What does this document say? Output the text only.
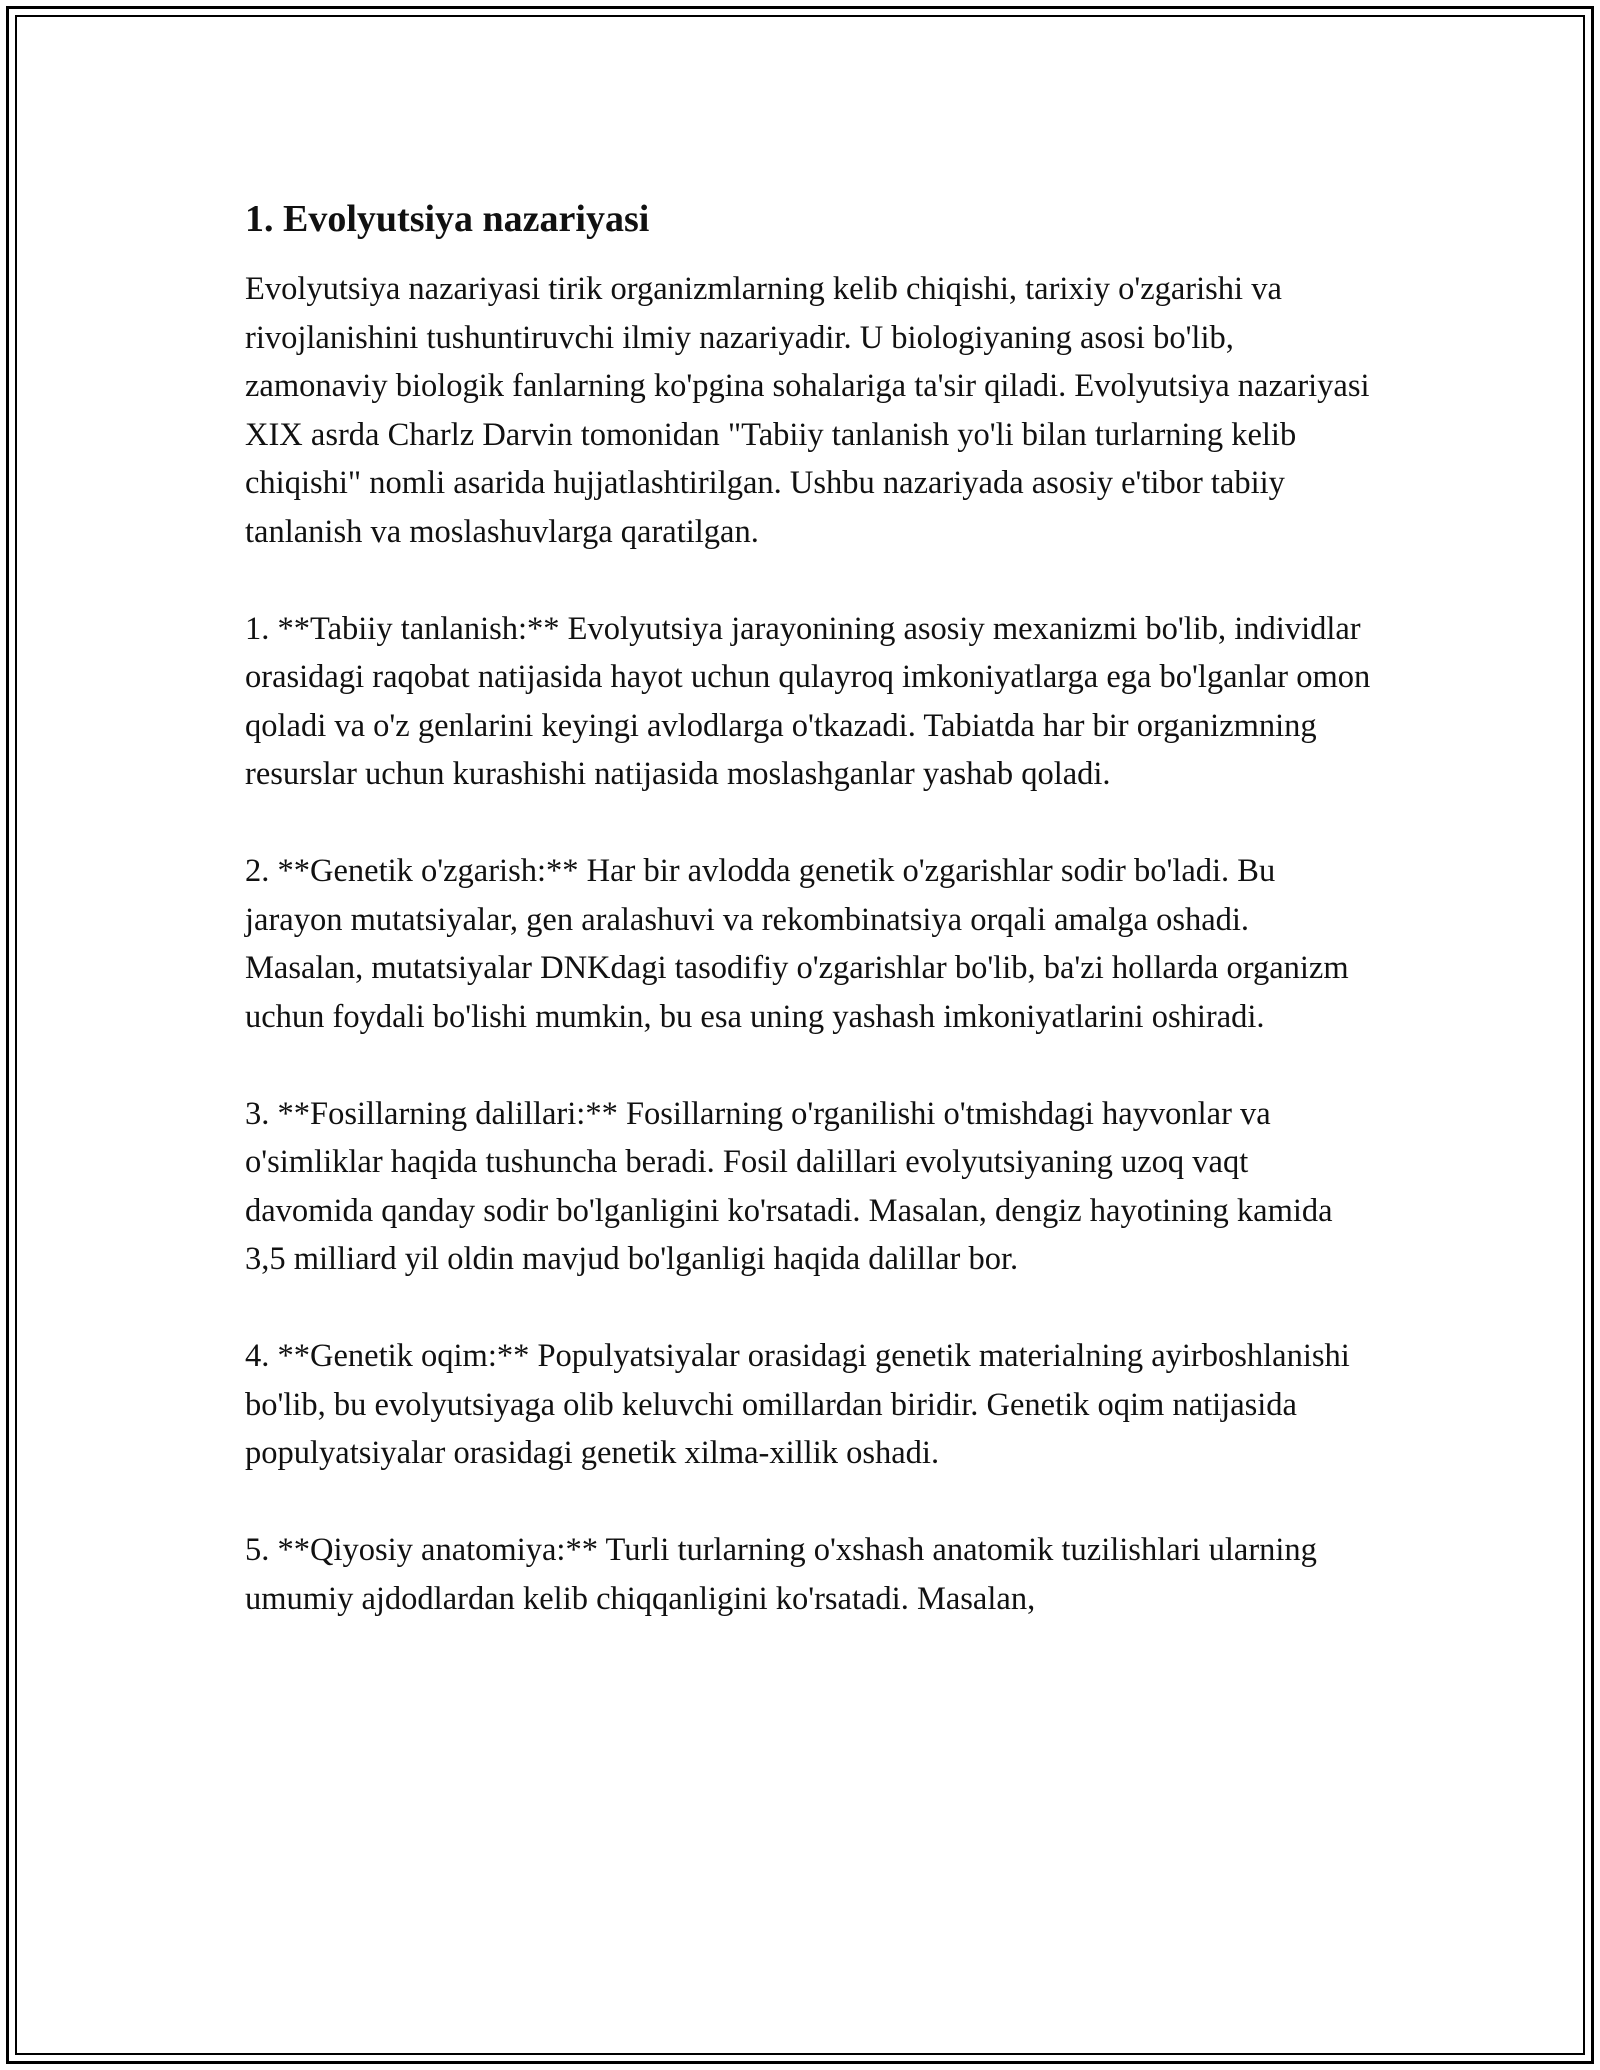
1. Evolyutsiya nazariyasi

Evolyutsiya nazariyasi tirik organizmlarning kelib chiqishi, tarixiy o'zgarishi va rivojlanishini tushuntiruvchi ilmiy nazariyadir. U biologiyaning asosi bo'lib, zamonaviy biologik fanlarning ko'pgina sohalariga ta'sir qiladi. Evolyutsiya nazariyasi XIX asrda Charlz Darvin tomonidan "Tabiiy tanlanish yo'li bilan turlarning kelib chiqishi" nomli asarida hujjatlashtirilgan. Ushbu nazariyada asosiy e'tibor tabiiy tanlanish va moslashuvlarga qaratilgan.

1. **Tabiiy tanlanish:** Evolyutsiya jarayonining asosiy mexanizmi bo'lib, individlar orasidagi raqobat natijasida hayot uchun qulayroq imkoniyatlarga ega bo'lganlar omon qoladi va o'z genlarini keyingi avlodlarga o'tkazadi. Tabiatda har bir organizmning resurslar uchun kurashishi natijasida moslashganlar yashab qoladi.

2. **Genetik o'zgarish:** Har bir avlodda genetik o'zgarishlar sodir bo'ladi. Bu jarayon mutatsiyalar, gen aralashuvi va rekombinatsiya orqali amalga oshadi. Masalan, mutatsiyalar DNKdagi tasodifiy o'zgarishlar bo'lib, ba'zi hollarda organizm uchun foydali bo'lishi mumkin, bu esa uning yashash imkoniyatlarini oshiradi.

3. **Fosillarning dalillari:** Fosillarning o'rganilishi o'tmishdagi hayvonlar va o'simliklar haqida tushuncha beradi. Fosil dalillari evolyutsiyaning uzoq vaqt davomida qanday sodir bo'lganligini ko'rsatadi. Masalan, dengiz hayotining kamida 3,5 milliard yil oldin mavjud bo'lganligi haqida dalillar bor.

4. **Genetik oqim:** Populyatsiyalar orasidagi genetik materialning ayirboshlanishi bo'lib, bu evolyutsiyaga olib keluvchi omillardan biridir. Genetik oqim natijasida populyatsiyalar orasidagi genetik xilma-xillik oshadi.

5. **Qiyosiy anatomiya:** Turli turlarning o'xshash anatomik tuzilishlari ularning umumiy ajdodlardan kelib chiqqanligini ko'rsatadi. Masalan,
